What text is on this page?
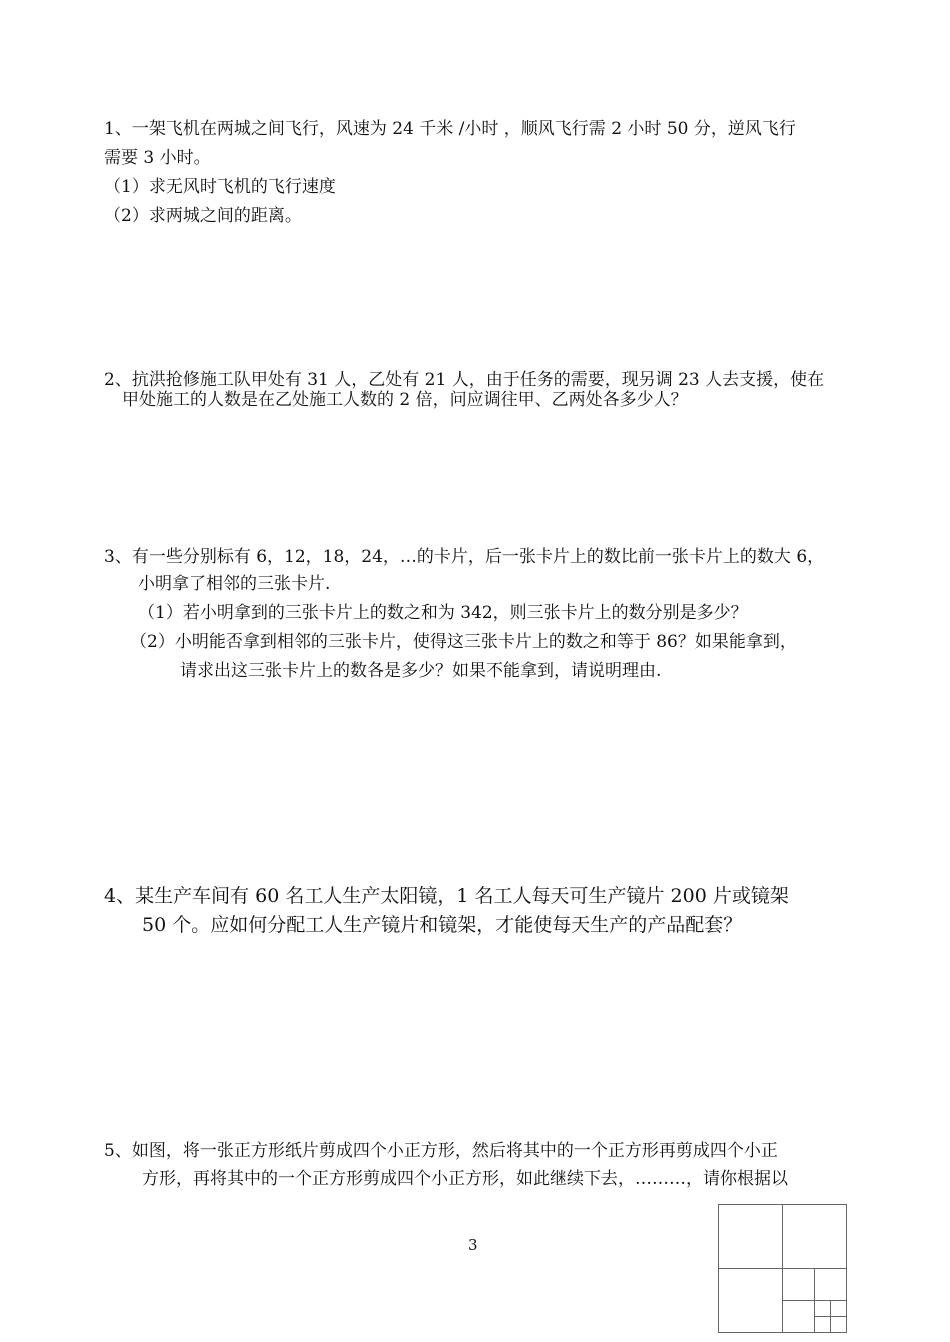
1、一架飞机在两城之间飞行，风速为 24 千米 /小时 ，顺风飞行需 2 小时 50 分，逆风飞行
需要 3 小时。
（1）求无风时飞机的飞行速度
（2）求两城之间的距离。
2、抗洪抢修施工队甲处有 31 人，乙处有 21 人，由于任务的需要，现另调 23 人去支援，使在
甲处施工的人数是在乙处施工人数的 2 倍，问应调往甲、乙两处各多少人？
3、有一些分别标有 6，12，18，24，…的卡片，后一张卡片上的数比前一张卡片上的数大 6，
小明拿了相邻的三张卡片.
（1）若小明拿到的三张卡片上的数之和为 342，则三张卡片上的数分别是多少？
（2）小明能否拿到相邻的三张卡片，使得这三张卡片上的数之和等于 86？如果能拿到，
请求出这三张卡片上的数各是多少？如果不能拿到，请说明理由.
4、某生产车间有 60 名工人生产太阳镜，1 名工人每天可生产镜片 200 片或镜架
50 个。应如何分配工人生产镜片和镜架，才能使每天生产的产品配套？
5、如图，将一张正方形纸片剪成四个小正方形，然后将其中的一个正方形再剪成四个小正
方形，再将其中的一个正方形剪成四个小正方形，如此继续下去，………，请你根据以
3
